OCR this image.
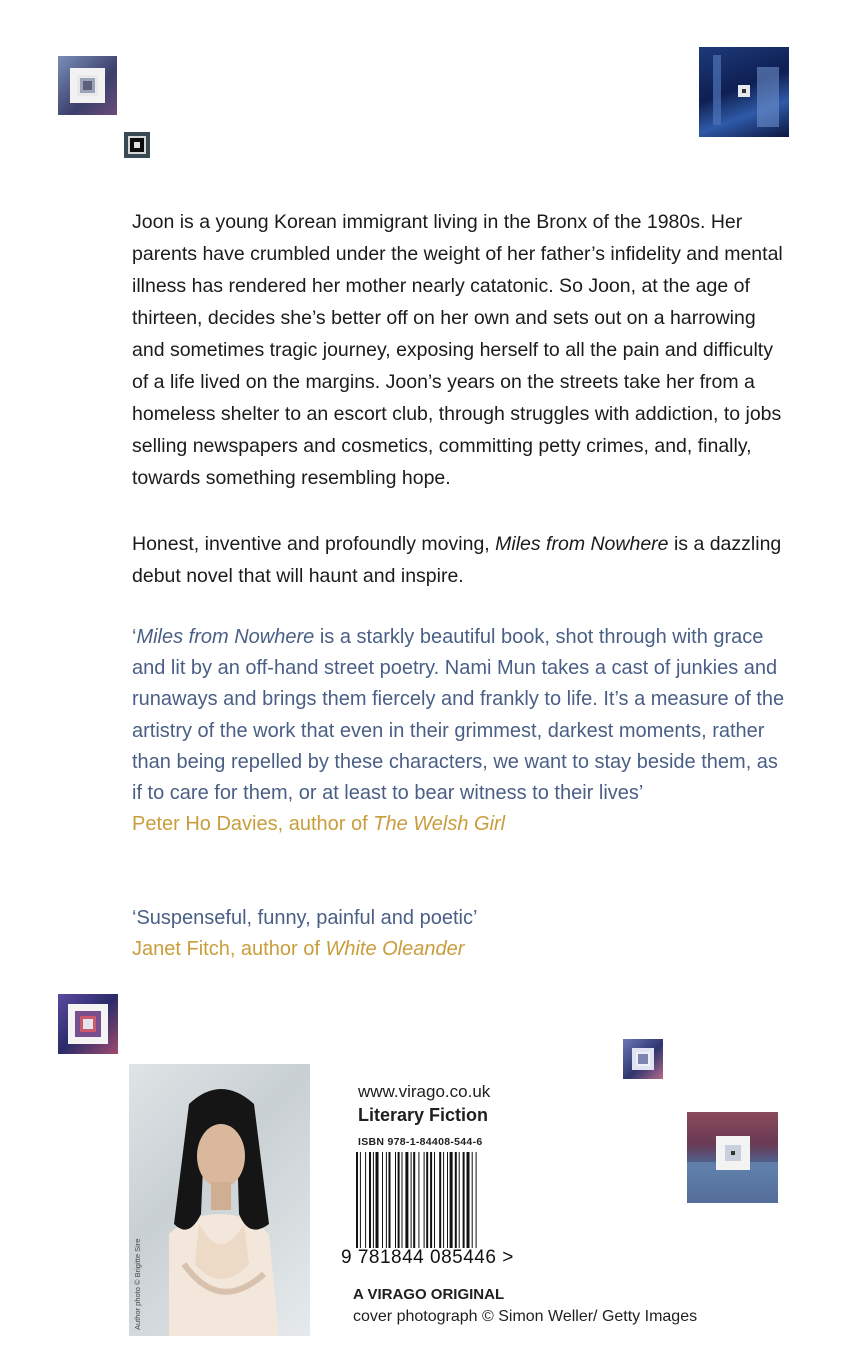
Joon is a young Korean immigrant living in the Bronx of the 1980s. Her parents have crumbled under the weight of her father’s infidelity and mental illness has rendered her mother nearly catatonic. So Joon, at the age of thirteen, decides she’s better off on her own and sets out on a harrowing and sometimes tragic journey, exposing herself to all the pain and difficulty of a life lived on the margins. Joon’s years on the streets take her from a homeless shelter to an escort club, through struggles with addiction, to jobs selling newspapers and cosmetics, committing petty crimes, and, finally, towards something resembling hope.
Honest, inventive and profoundly moving, Miles from Nowhere is a dazzling debut novel that will haunt and inspire.
‘Miles from Nowhere is a starkly beautiful book, shot through with grace and lit by an off-hand street poetry. Nami Mun takes a cast of junkies and runaways and brings them fiercely and frankly to life. It’s a measure of the artistry of the work that even in their grimmest, darkest moments, rather than being repelled by these characters, we want to stay beside them, as if to care for them, or at least to bear witness to their lives’
Peter Ho Davies, author of The Welsh Girl
‘Suspenseful, funny, painful and poetic’
Janet Fitch, author of White Oleander
Author photo © Brigitte Sire
www.virago.co.uk
Literary Fiction
ISBN 978-1-84408-544-6
9 781844 085446 >
A VIRAGO ORIGINAL
cover photograph © Simon Weller/ Getty Images
